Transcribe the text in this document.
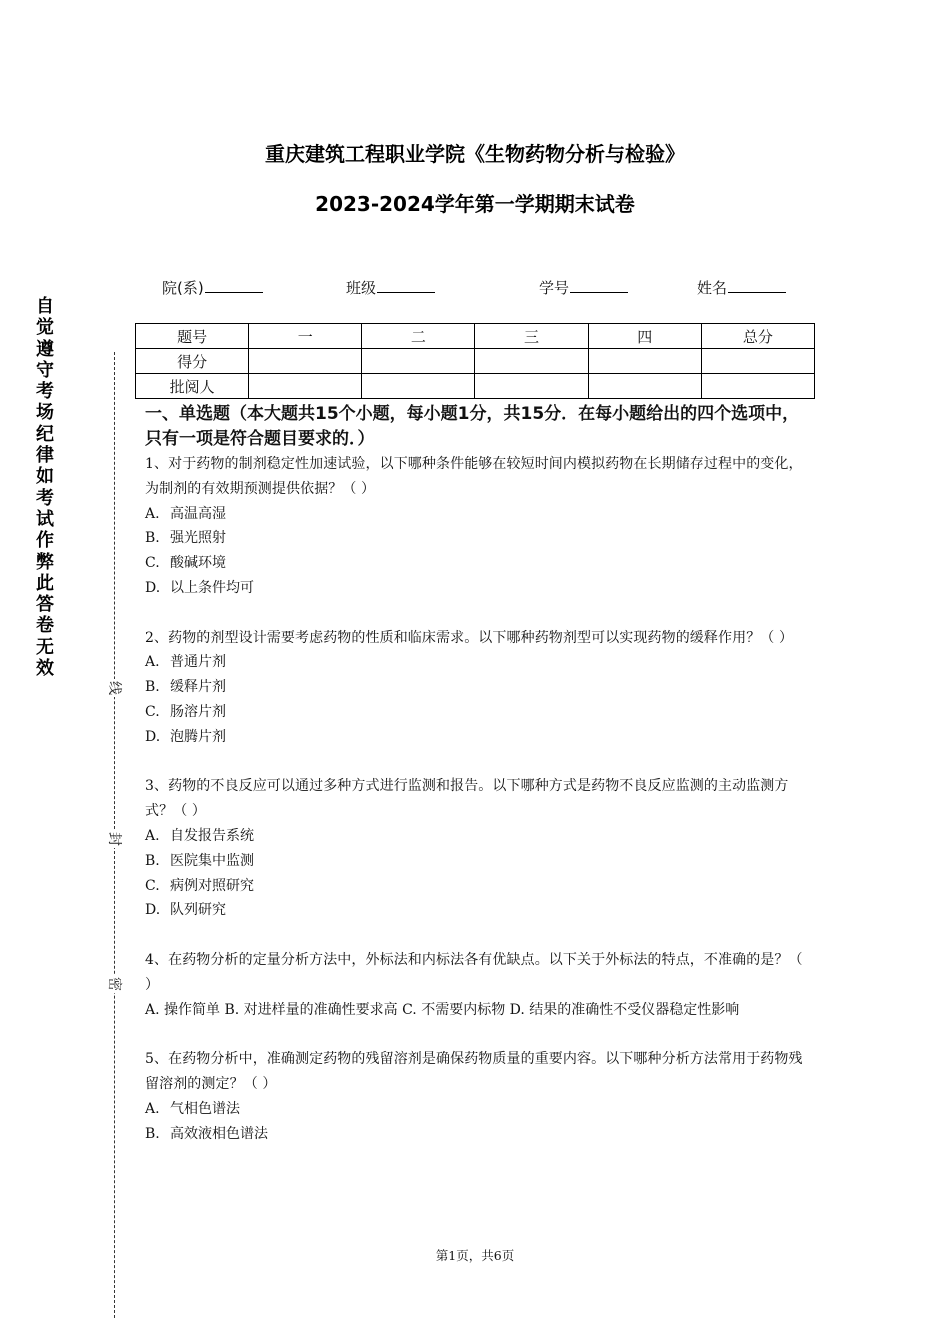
自
觉
遵
守
考
场
纪
律
如
考
试
作
弊
此
答
卷
无
效
线
封
密
重庆建筑工程职业学院《生物药物分析与检验》
2023-2024学年第一学期期末试卷
院(系)	班级	学号	姓名
题号	一	二	三	四	总分
得分					
批阅人					
一、单选题（本大题共15个小题，每小题1分，共15分．在每小题给出的四个选项中，只有一项是符合题目要求的．）

1、对于药物的制剂稳定性加速试验，以下哪种条件能够在较短时间内模拟药物在长期储存过程中的变化，为制剂的有效期预测提供依据？（ ）

A. 高温高湿

B. 强光照射

C. 酸碱环境

D. 以上条件均可

2、药物的剂型设计需要考虑药物的性质和临床需求。以下哪种药物剂型可以实现药物的缓释作用？（ ）

A. 普通片剂

B. 缓释片剂

C. 肠溶片剂

D. 泡腾片剂

3、药物的不良反应可以通过多种方式进行监测和报告。以下哪种方式是药物不良反应监测的主动监测方式？（ ）

A. 自发报告系统

B. 医院集中监测

C. 病例对照研究

D. 队列研究

4、在药物分析的定量分析方法中，外标法和内标法各有优缺点。以下关于外标法的特点，不准确的是？（ ）

A. 操作简单 B. 对进样量的准确性要求高 C. 不需要内标物 D. 结果的准确性不受仪器稳定性影响

5、在药物分析中，准确测定药物的残留溶剂是确保药物质量的重要内容。以下哪种分析方法常用于药物残留溶剂的测定？（ ）

A. 气相色谱法

B. 高效液相色谱法

第1页，共6页
